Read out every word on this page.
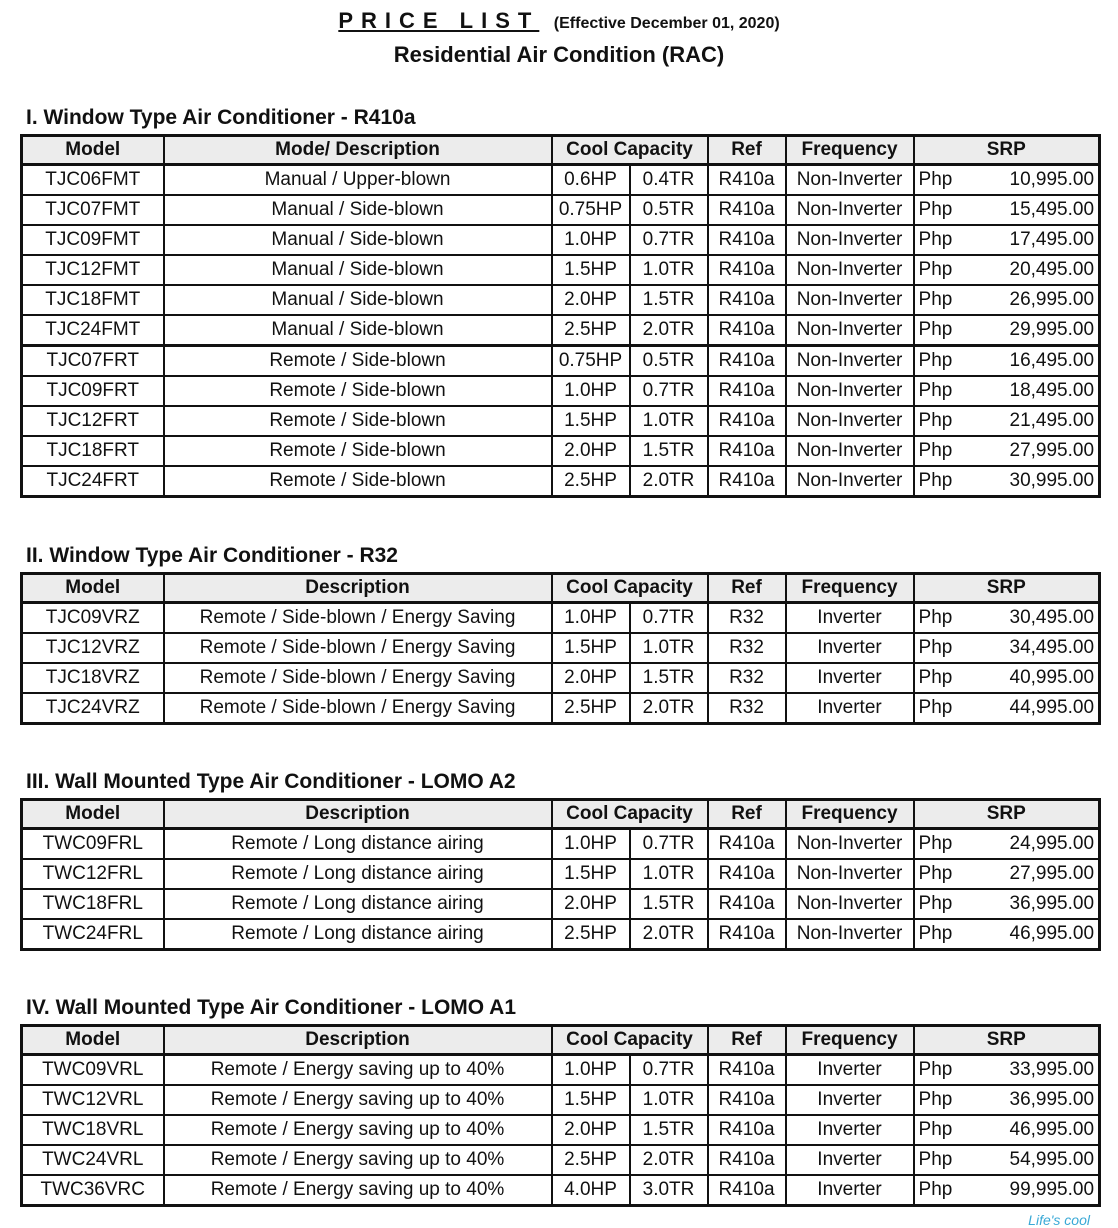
PRICE LIST (Effective December 01, 2020)
Residential Air Condition (RAC)
I. Window Type Air Conditioner - R410a
Model	Mode/ Description	Cool Capacity		Ref	Frequency	SRP	
TJC06FMT	Manual / Upper-blown	0.6HP	0.4TR	R410a	Non-Inverter	Php	10,995.00
TJC07FMT	Manual / Side-blown	0.75HP	0.5TR	R410a	Non-Inverter	Php	15,495.00
TJC09FMT	Manual / Side-blown	1.0HP	0.7TR	R410a	Non-Inverter	Php	17,495.00
TJC12FMT	Manual / Side-blown	1.5HP	1.0TR	R410a	Non-Inverter	Php	20,495.00
TJC18FMT	Manual / Side-blown	2.0HP	1.5TR	R410a	Non-Inverter	Php	26,995.00
TJC24FMT	Manual / Side-blown	2.5HP	2.0TR	R410a	Non-Inverter	Php	29,995.00
TJC07FRT	Remote / Side-blown	0.75HP	0.5TR	R410a	Non-Inverter	Php	16,495.00
TJC09FRT	Remote / Side-blown	1.0HP	0.7TR	R410a	Non-Inverter	Php	18,495.00
TJC12FRT	Remote / Side-blown	1.5HP	1.0TR	R410a	Non-Inverter	Php	21,495.00
TJC18FRT	Remote / Side-blown	2.0HP	1.5TR	R410a	Non-Inverter	Php	27,995.00
TJC24FRT	Remote / Side-blown	2.5HP	2.0TR	R410a	Non-Inverter	Php	30,995.00
II. Window Type Air Conditioner - R32
Model	Description	Cool Capacity		Ref	Frequency	SRP	
TJC09VRZ	Remote / Side-blown / Energy Saving	1.0HP	0.7TR	R32	Inverter	Php	30,495.00
TJC12VRZ	Remote / Side-blown / Energy Saving	1.5HP	1.0TR	R32	Inverter	Php	34,495.00
TJC18VRZ	Remote / Side-blown / Energy Saving	2.0HP	1.5TR	R32	Inverter	Php	40,995.00
TJC24VRZ	Remote / Side-blown / Energy Saving	2.5HP	2.0TR	R32	Inverter	Php	44,995.00
III. Wall Mounted Type Air Conditioner - LOMO A2
Model	Description	Cool Capacity		Ref	Frequency	SRP	
TWC09FRL	Remote / Long distance airing	1.0HP	0.7TR	R410a	Non-Inverter	Php	24,995.00
TWC12FRL	Remote / Long distance airing	1.5HP	1.0TR	R410a	Non-Inverter	Php	27,995.00
TWC18FRL	Remote / Long distance airing	2.0HP	1.5TR	R410a	Non-Inverter	Php	36,995.00
TWC24FRL	Remote / Long distance airing	2.5HP	2.0TR	R410a	Non-Inverter	Php	46,995.00
IV. Wall Mounted Type Air Conditioner - LOMO A1
Model	Description	Cool Capacity		Ref	Frequency	SRP	
TWC09VRL	Remote / Energy saving up to 40%	1.0HP	0.7TR	R410a	Inverter	Php	33,995.00
TWC12VRL	Remote / Energy saving up to 40%	1.5HP	1.0TR	R410a	Inverter	Php	36,995.00
TWC18VRL	Remote / Energy saving up to 40%	2.0HP	1.5TR	R410a	Inverter	Php	46,995.00
TWC24VRL	Remote / Energy saving up to 40%	2.5HP	2.0TR	R410a	Inverter	Php	54,995.00
TWC36VRC	Remote / Energy saving up to 40%	4.0HP	3.0TR	R410a	Inverter	Php	99,995.00
Life's cool
